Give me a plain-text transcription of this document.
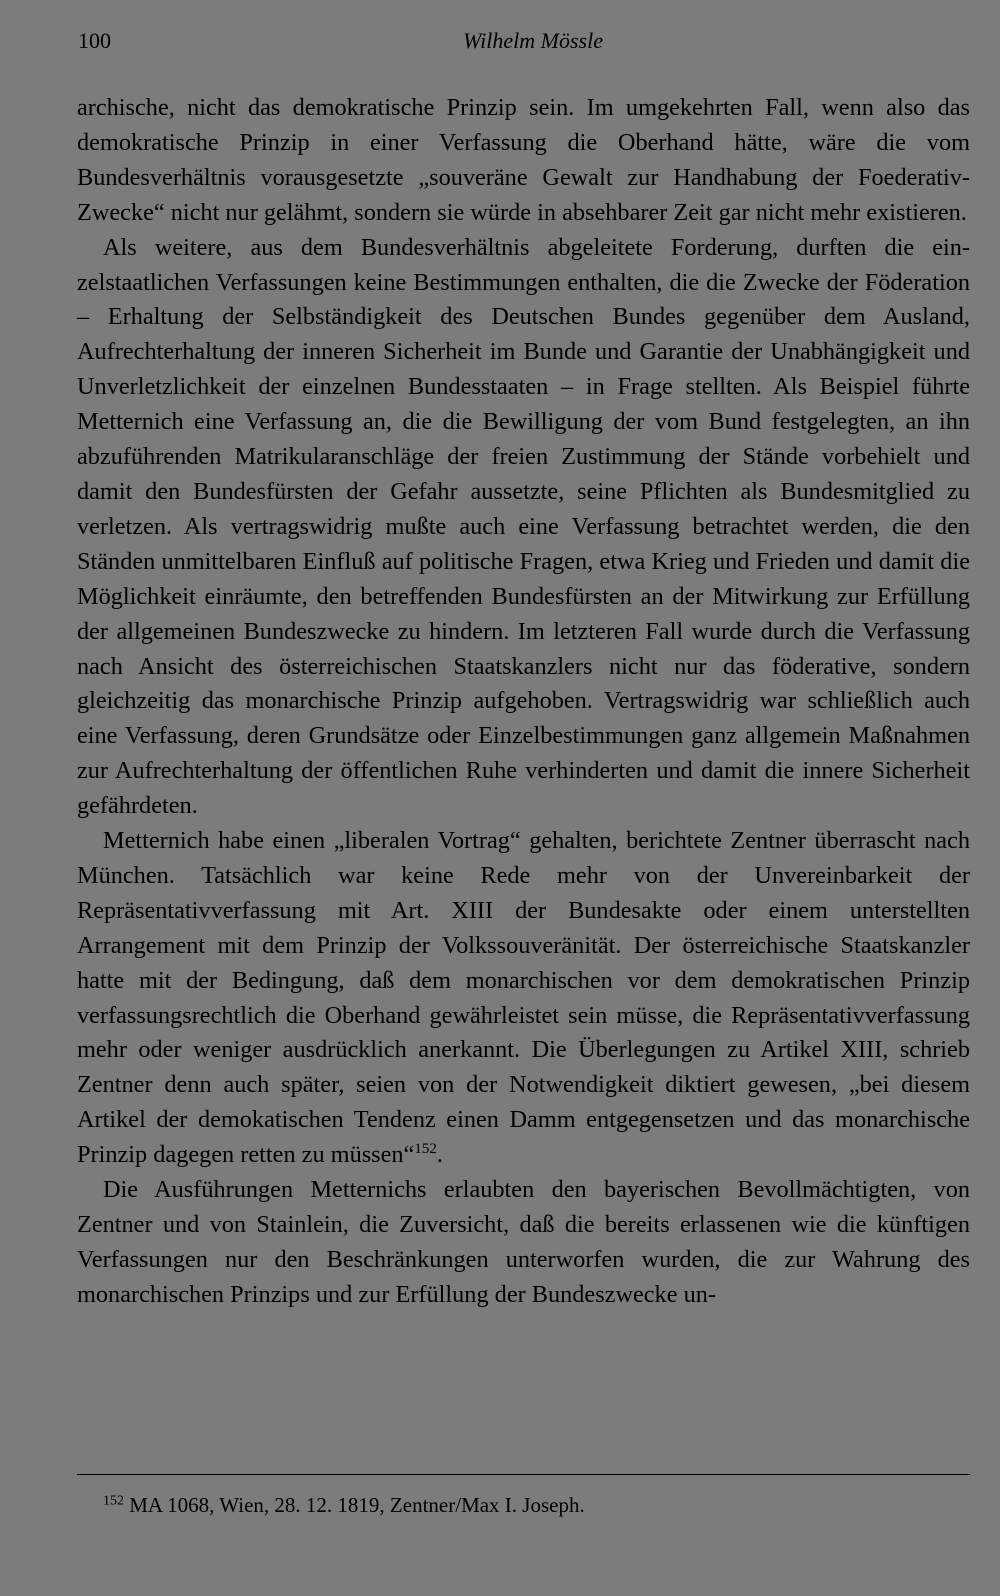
100	Wilhelm Mössle

archische, nicht das demokratische Prinzip sein. Im umgekehrten Fall, wenn also das demokratische Prinzip in einer Verfassung die Oberhand hätte, wäre die vom Bundesverhältnis vorausgesetzte „souveräne Gewalt zur Handhabung der Foederativ-Zwecke“ nicht nur gelähmt, sondern sie würde in absehbarer Zeit gar nicht mehr existieren.

Als weitere, aus dem Bundesverhältnis abgeleitete Forderung, durften die einzelstaatlichen Verfassungen keine Bestimmungen enthalten, die die Zwecke der Föderation – Erhaltung der Selbständigkeit des Deutschen Bundes gegenüber dem Ausland, Aufrechterhaltung der inneren Sicherheit im Bunde und Garantie der Unabhängigkeit und Unverletzlichkeit der einzelnen Bundesstaaten – in Frage stellten. Als Beispiel führte Metternich eine Verfassung an, die die Bewilligung der vom Bund festgelegten, an ihn abzuführenden Matrikularanschläge der freien Zustimmung der Stände vorbehielt und damit den Bundesfürsten der Gefahr aussetzte, seine Pflichten als Bundesmitglied zu verletzen. Als vertragswidrig mußte auch eine Verfassung betrachtet werden, die den Ständen unmittelbaren Einfluß auf politische Fragen, etwa Krieg und Frieden und damit die Möglichkeit einräumte, den betreffenden Bundesfürsten an der Mitwirkung zur Erfüllung der allgemeinen Bundeszwecke zu hindern. Im letzteren Fall wurde durch die Verfassung nach Ansicht des österreichischen Staatskanzlers nicht nur das föderative, sondern gleichzeitig das monarchische Prinzip aufgehoben. Vertragswidrig war schließlich auch eine Verfassung, deren Grundsätze oder Einzelbestimmungen ganz allgemein Maßnahmen zur Aufrechterhaltung der öffentlichen Ruhe verhinderten und damit die innere Sicherheit gefährdeten.

Metternich habe einen „liberalen Vortrag“ gehalten, berichtete Zentner überrascht nach München. Tatsächlich war keine Rede mehr von der Unvereinbarkeit der Repräsentativverfassung mit Art. XIII der Bundesakte oder einem unterstellten Arrangement mit dem Prinzip der Volkssouveränität. Der österreichische Staatskanzler hatte mit der Bedingung, daß dem monarchischen vor dem demokratischen Prinzip verfassungsrechtlich die Oberhand gewährleistet sein müsse, die Repräsentativverfassung mehr oder weniger ausdrücklich anerkannt. Die Überlegungen zu Artikel XIII, schrieb Zentner denn auch später, seien von der Notwendigkeit diktiert gewesen, „bei diesem Artikel der demokatischen Tendenz einen Damm entgegensetzen und das monarchische Prinzip dagegen retten zu müssen“$^{152}$.

Die Ausführungen Metternichs erlaubten den bayerischen Bevollmächtigten, von Zentner und von Stainlein, die Zuversicht, daß die bereits erlassenen wie die künftigen Verfassungen nur den Beschränkungen unterworfen wurden, die zur Wahrung des monarchischen Prinzips und zur Erfüllung der Bundeszwecke un-

$^{152}$ MA 1068, Wien, 28. 12. 1819, Zentner/Max I. Joseph.
